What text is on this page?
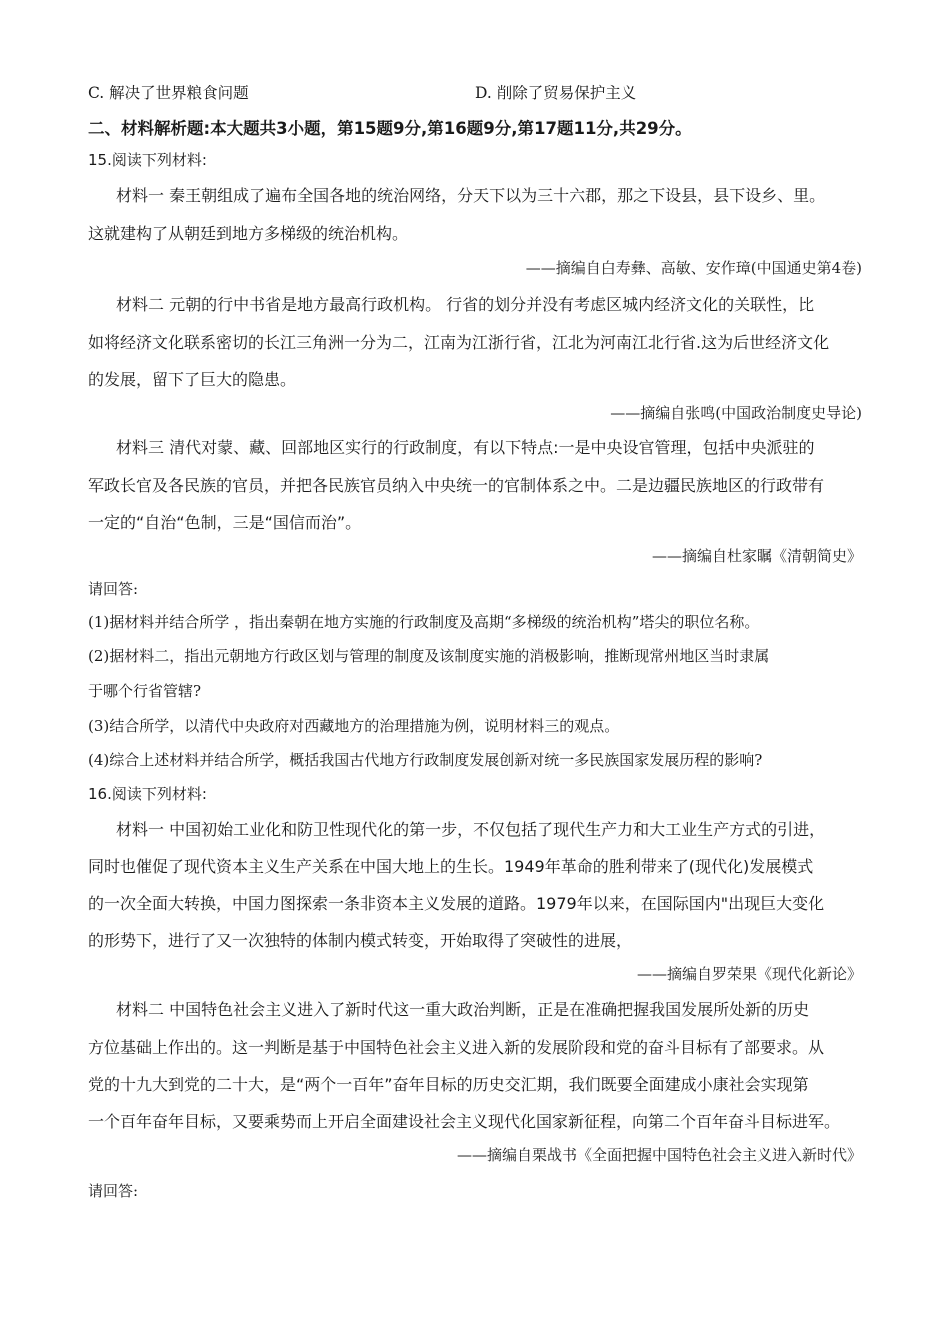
C. 解决了世界粮食问题	D. 削除了贸易保护主义
二、材料解析题:本大题共3小题，第15题9分,第16题9分,第17题11分,共29分。
15.阅读下列材料:
材料一 秦王朝组成了遍布全国各地的统治网络，分天下以为三十六郡，那之下设县，县下设乡、里。
这就建构了从朝廷到地方多梯级的统治机构。
——摘编自白寿彝、高敏、安作璋(中国通史第4卷)
材料二 元朝的行中书省是地方最高行政机构。 行省的划分并没有考虑区城内经济文化的关联性，比
如将经济文化联系密切的长江三角洲一分为二，江南为江浙行省，江北为河南江北行省.这为后世经济文化
的发展，留下了巨大的隐患。
——摘编自张鸣(中国政治制度史导论)
材料三 清代对蒙、藏、回部地区实行的行政制度，有以下特点:一是中央设官管理，包括中央派驻的
军政长官及各民族的官员，并把各民族官员纳入中央统一的官制体系之中。二是边疆民族地区的行政带有
一定的“自治“色制，三是“国信而治”。
——摘编自杜家瞩《清朝简史》
请回答:
(1)据材料并结合所学 ，指出秦朝在地方实施的行政制度及高期“多梯级的统治机构”塔尖的职位名称。
(2)据材料二，指出元朝地方行政区划与管理的制度及该制度实施的消极影响，推断现常州地区当时隶属
于哪个行省管辖?
(3)结合所学，以清代中央政府对西藏地方的治理措施为例，说明材料三的观点。
(4)综合上述材料并结合所学，概括我国古代地方行政制度发展创新对统一多民族国家发展历程的影响?
16.阅读下列材料:
材料一 中国初始工业化和防卫性现代化的第一步，不仅包括了现代生产力和大工业生产方式的引进，
同时也催促了现代资本主义生产关系在中国大地上的生长。1949年革命的胜利带来了(现代化)发展模式
的一次全面大转换，中国力图探索一条非资本主义发展的道路。1979年以来，在国际国内"出现巨大变化
的形势下，进行了又一次独特的体制内模式转变，开始取得了突破性的进展，
——摘编自罗荣果《现代化新论》
材料二 中国特色社会主义进入了新时代这一重大政治判断，正是在准确把握我国发展所处新的历史
方位基础上作出的。这一判断是基于中国特色社会主义进入新的发展阶段和党的奋斗目标有了部要求。从
党的十九大到党的二十大，是“两个一百年”奋年目标的历史交汇期，我们既要全面建成小康社会实现第
一个百年奋年目标，又要乘势而上开启全面建设社会主义现代化国家新征程，向第二个百年奋斗目标进军。
——摘编自栗战书《全面把握中国特色社会主义进入新时代》
请回答:
